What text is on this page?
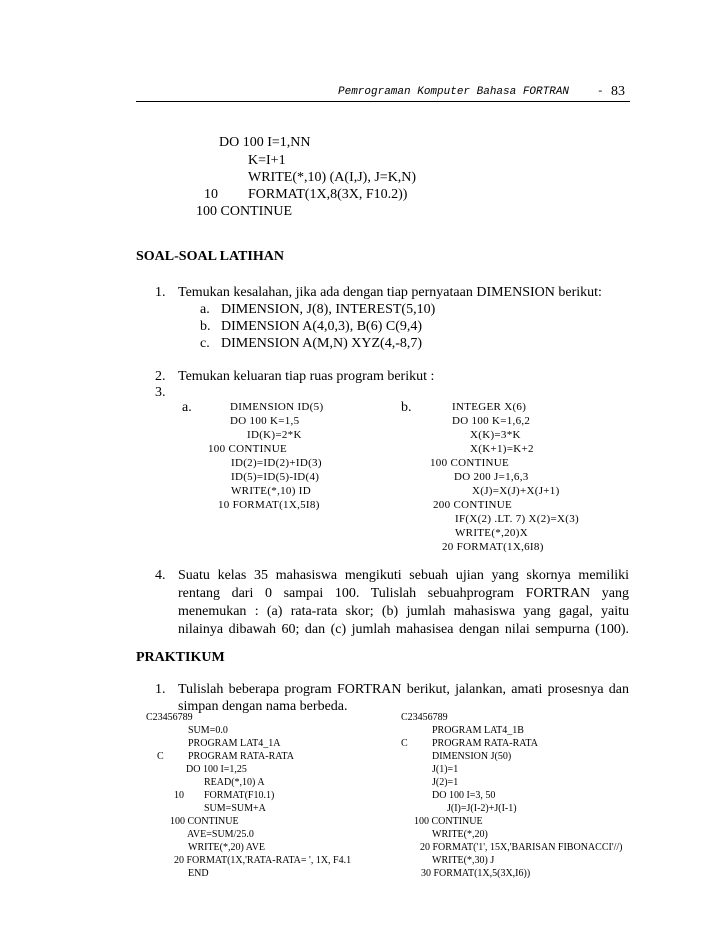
Pemrograman Komputer Bahasa FORTRAN	- 83
DO 100 I=1,NN
K=I+1
WRITE(*,10) (A(I,J), J=K,N)
10 FORMAT(1X,8(3X, F10.2))
100 CONTINUE
SOAL-SOAL LATIHAN
1. Temukan kesalahan, jika ada dengan tiap pernyataan DIMENSION berikut:
a. DIMENSION, J(8), INTEREST(5,10)
b. DIMENSION A(4,0,3), B(6) C(9,4)
c. DIMENSION A(M,N) XYZ(4,-8,7)
2. Temukan keluaran tiap ruas program berikut :
3.
a.	DIMENSION ID(5)
DO 100 K=1,5
ID(K)=2*K
100 CONTINUE
ID(2)=ID(2)+ID(3)
ID(5)=ID(5)-ID(4)
WRITE(*,10) ID
10 FORMAT(1X,5I8)
b.	INTEGER X(6)
DO 100 K=1,6,2
X(K)=3*K
X(K+1)=K+2
100 CONTINUE
DO 200 J=1,6,3
X(J)=X(J)+X(J+1)
200 CONTINUE
IF(X(2) .LT. 7) X(2)=X(3)
WRITE(*,20)X
20 FORMAT(1X,6I8)
4. Suatu kelas 35 mahasiswa mengikuti sebuah ujian yang skornya memiliki
rentang dari 0 sampai 100. Tulislah sebuahprogram FORTRAN yang
menemukan : (a) rata-rata skor; (b) jumlah mahasiswa yang gagal, yaitu
nilainya dibawah 60; dan (c) jumlah mahasisea dengan nilai sempurna (100).
PRAKTIKUM
1. Tulislah beberapa program FORTRAN berikut, jalankan, amati prosesnya dan
simpan dengan nama berbeda.
C23456789
SUM=0.0
PROGRAM LAT4_1A
C PROGRAM RATA-RATA
DO 100 I=1,25
READ(*,10) A
10 FORMAT(F10.1)
SUM=SUM+A
100 CONTINUE
AVE=SUM/25.0
WRITE(*,20) AVE
20 FORMAT(1X,'RATA-RATA= ', 1X, F4.1
END
C23456789
PROGRAM LAT4_1B
C PROGRAM RATA-RATA
DIMENSION J(50)
J(1)=1
J(2)=1
DO 100 I=3, 50
J(I)=J(I-2)+J(I-1)
100 CONTINUE
WRITE(*,20)
20 FORMAT('1', 15X,'BARISAN FIBONACCI'//)
WRITE(*,30) J
30 FORMAT(1X,5(3X,I6))
